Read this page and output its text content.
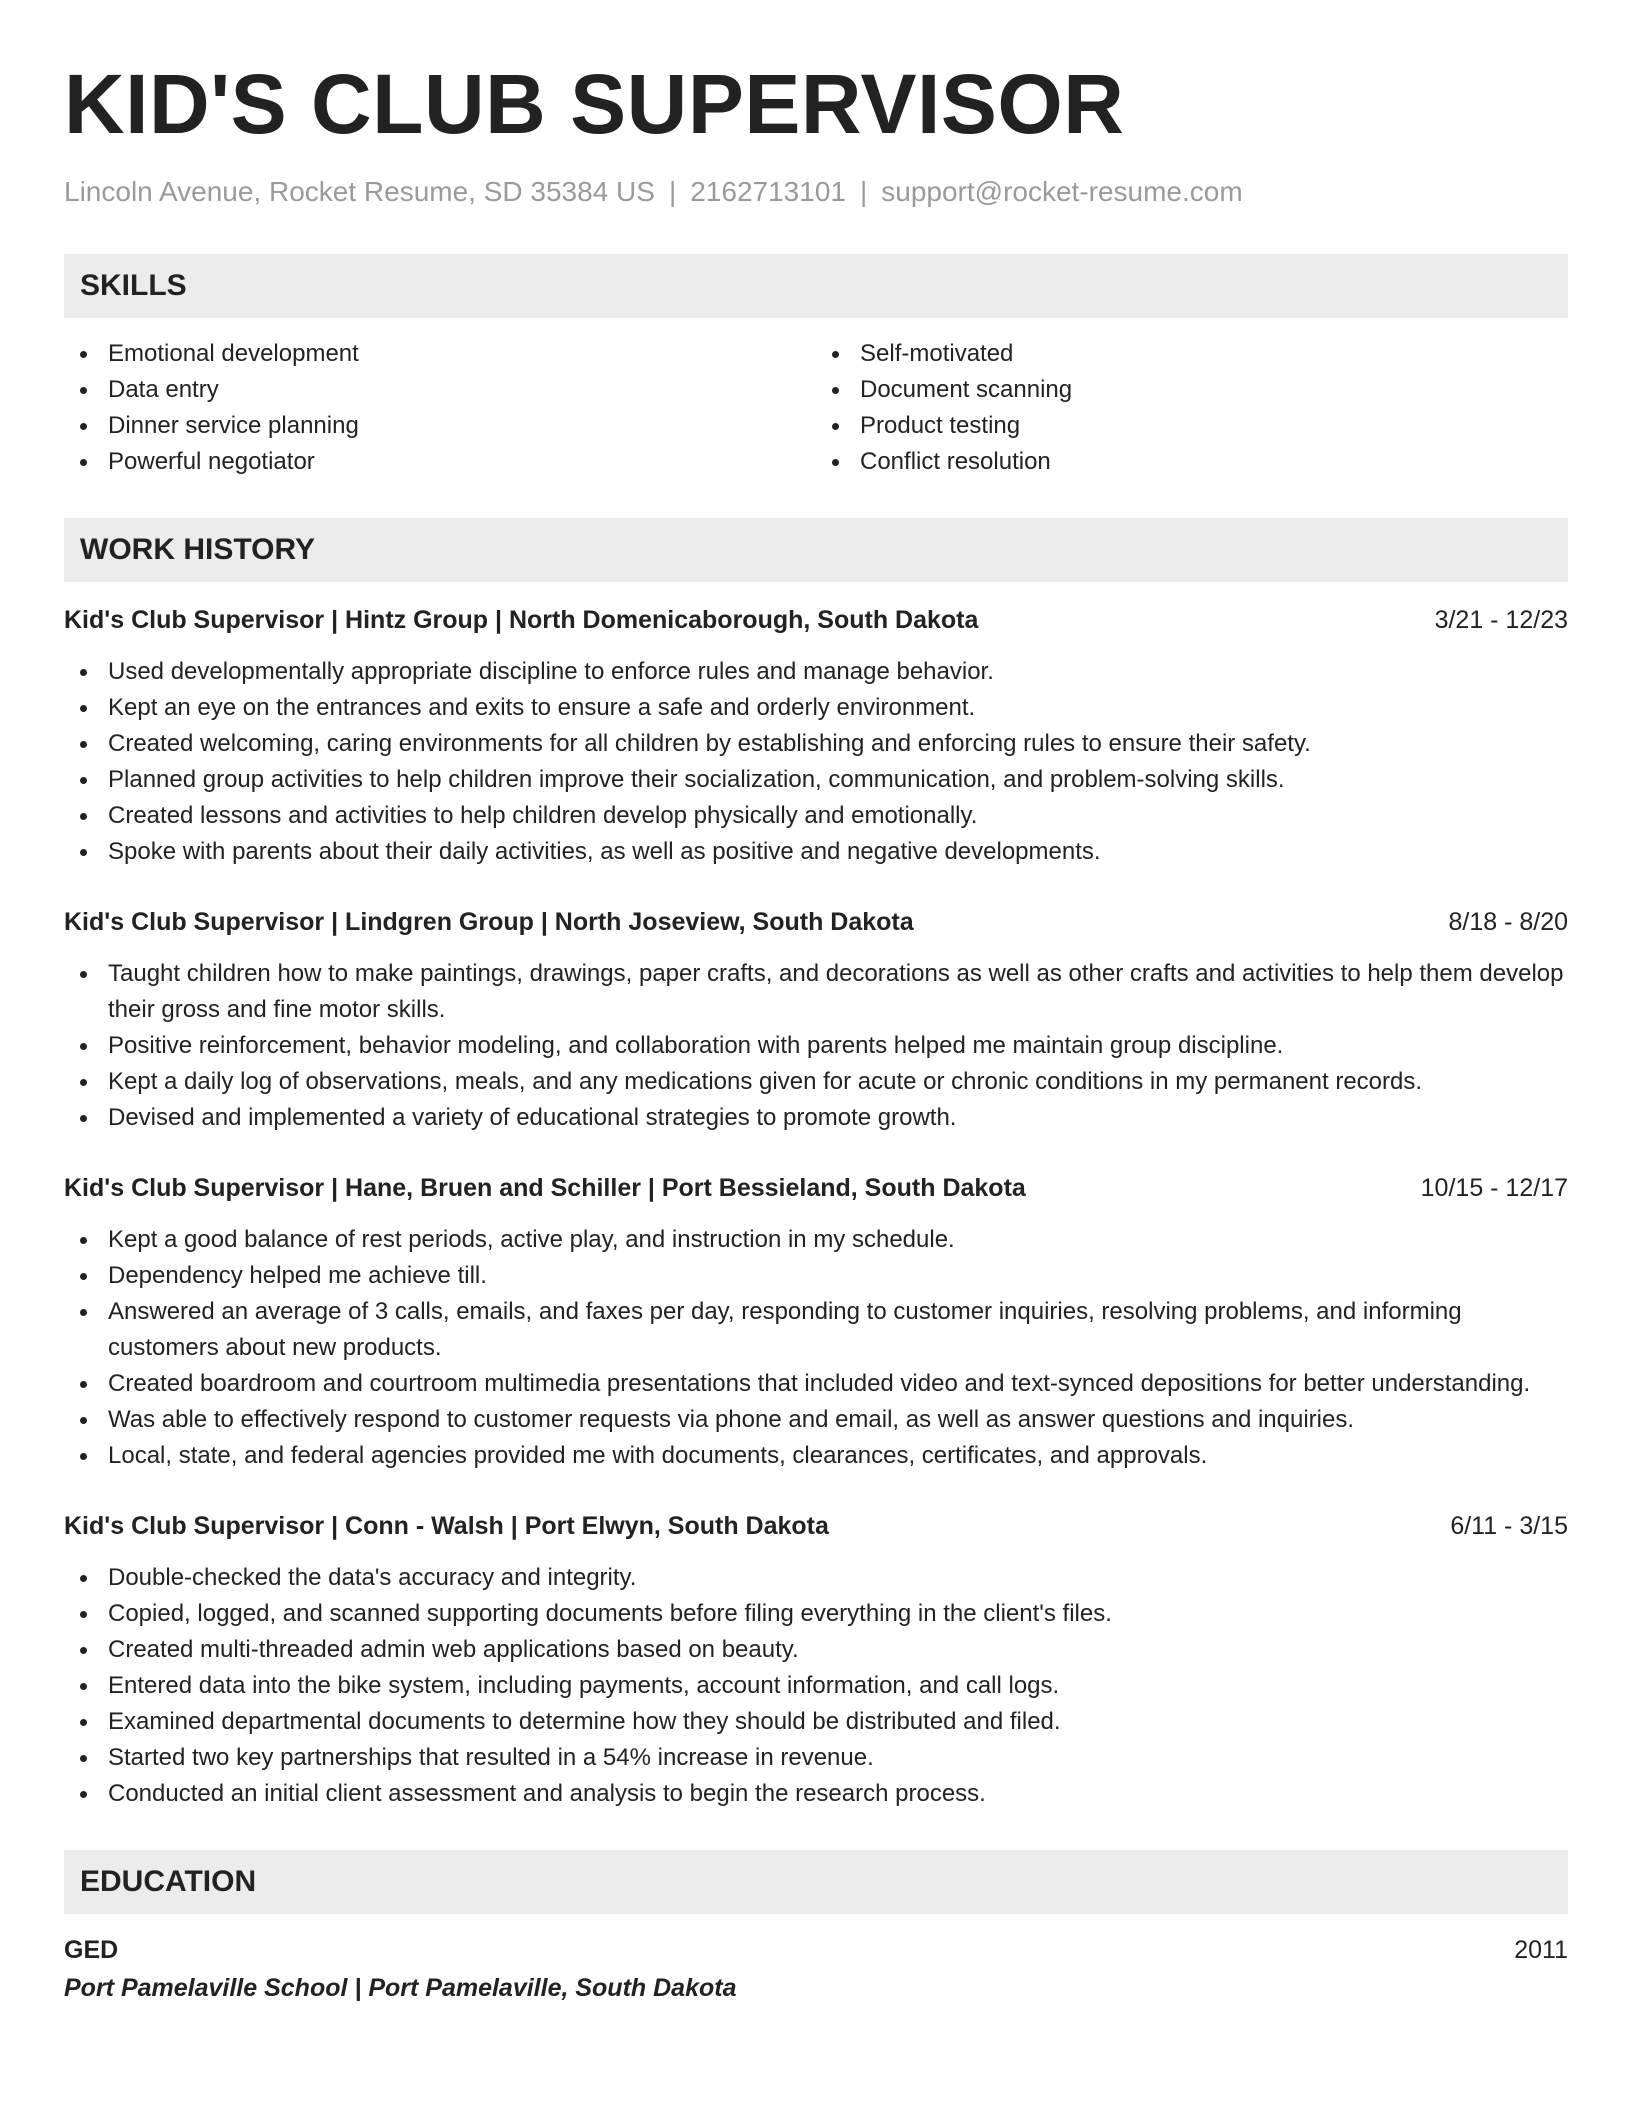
KID'S CLUB SUPERVISOR
Lincoln Avenue, Rocket Resume, SD 35384 US | 2162713101 | support@rocket-resume.com
SKILLS
Emotional development
Data entry
Dinner service planning
Powerful negotiator
Self-motivated
Document scanning
Product testing
Conflict resolution
WORK HISTORY
Kid's Club Supervisor | Hintz Group | North Domenicaborough, South Dakota	3/21 - 12/23
Used developmentally appropriate discipline to enforce rules and manage behavior.
Kept an eye on the entrances and exits to ensure a safe and orderly environment.
Created welcoming, caring environments for all children by establishing and enforcing rules to ensure their safety.
Planned group activities to help children improve their socialization, communication, and problem-solving skills.
Created lessons and activities to help children develop physically and emotionally.
Spoke with parents about their daily activities, as well as positive and negative developments.
Kid's Club Supervisor | Lindgren Group | North Joseview, South Dakota	8/18 - 8/20
Taught children how to make paintings, drawings, paper crafts, and decorations as well as other crafts and activities to help them develop their gross and fine motor skills.
Positive reinforcement, behavior modeling, and collaboration with parents helped me maintain group discipline.
Kept a daily log of observations, meals, and any medications given for acute or chronic conditions in my permanent records.
Devised and implemented a variety of educational strategies to promote growth.
Kid's Club Supervisor | Hane, Bruen and Schiller | Port Bessieland, South Dakota	10/15 - 12/17
Kept a good balance of rest periods, active play, and instruction in my schedule.
Dependency helped me achieve till.
Answered an average of 3 calls, emails, and faxes per day, responding to customer inquiries, resolving problems, and informing customers about new products.
Created boardroom and courtroom multimedia presentations that included video and text-synced depositions for better understanding.
Was able to effectively respond to customer requests via phone and email, as well as answer questions and inquiries.
Local, state, and federal agencies provided me with documents, clearances, certificates, and approvals.
Kid's Club Supervisor | Conn - Walsh | Port Elwyn, South Dakota	6/11 - 3/15
Double-checked the data's accuracy and integrity.
Copied, logged, and scanned supporting documents before filing everything in the client's files.
Created multi-threaded admin web applications based on beauty.
Entered data into the bike system, including payments, account information, and call logs.
Examined departmental documents to determine how they should be distributed and filed.
Started two key partnerships that resulted in a 54% increase in revenue.
Conducted an initial client assessment and analysis to begin the research process.
EDUCATION
GED	2011
Port Pamelaville School | Port Pamelaville, South Dakota
